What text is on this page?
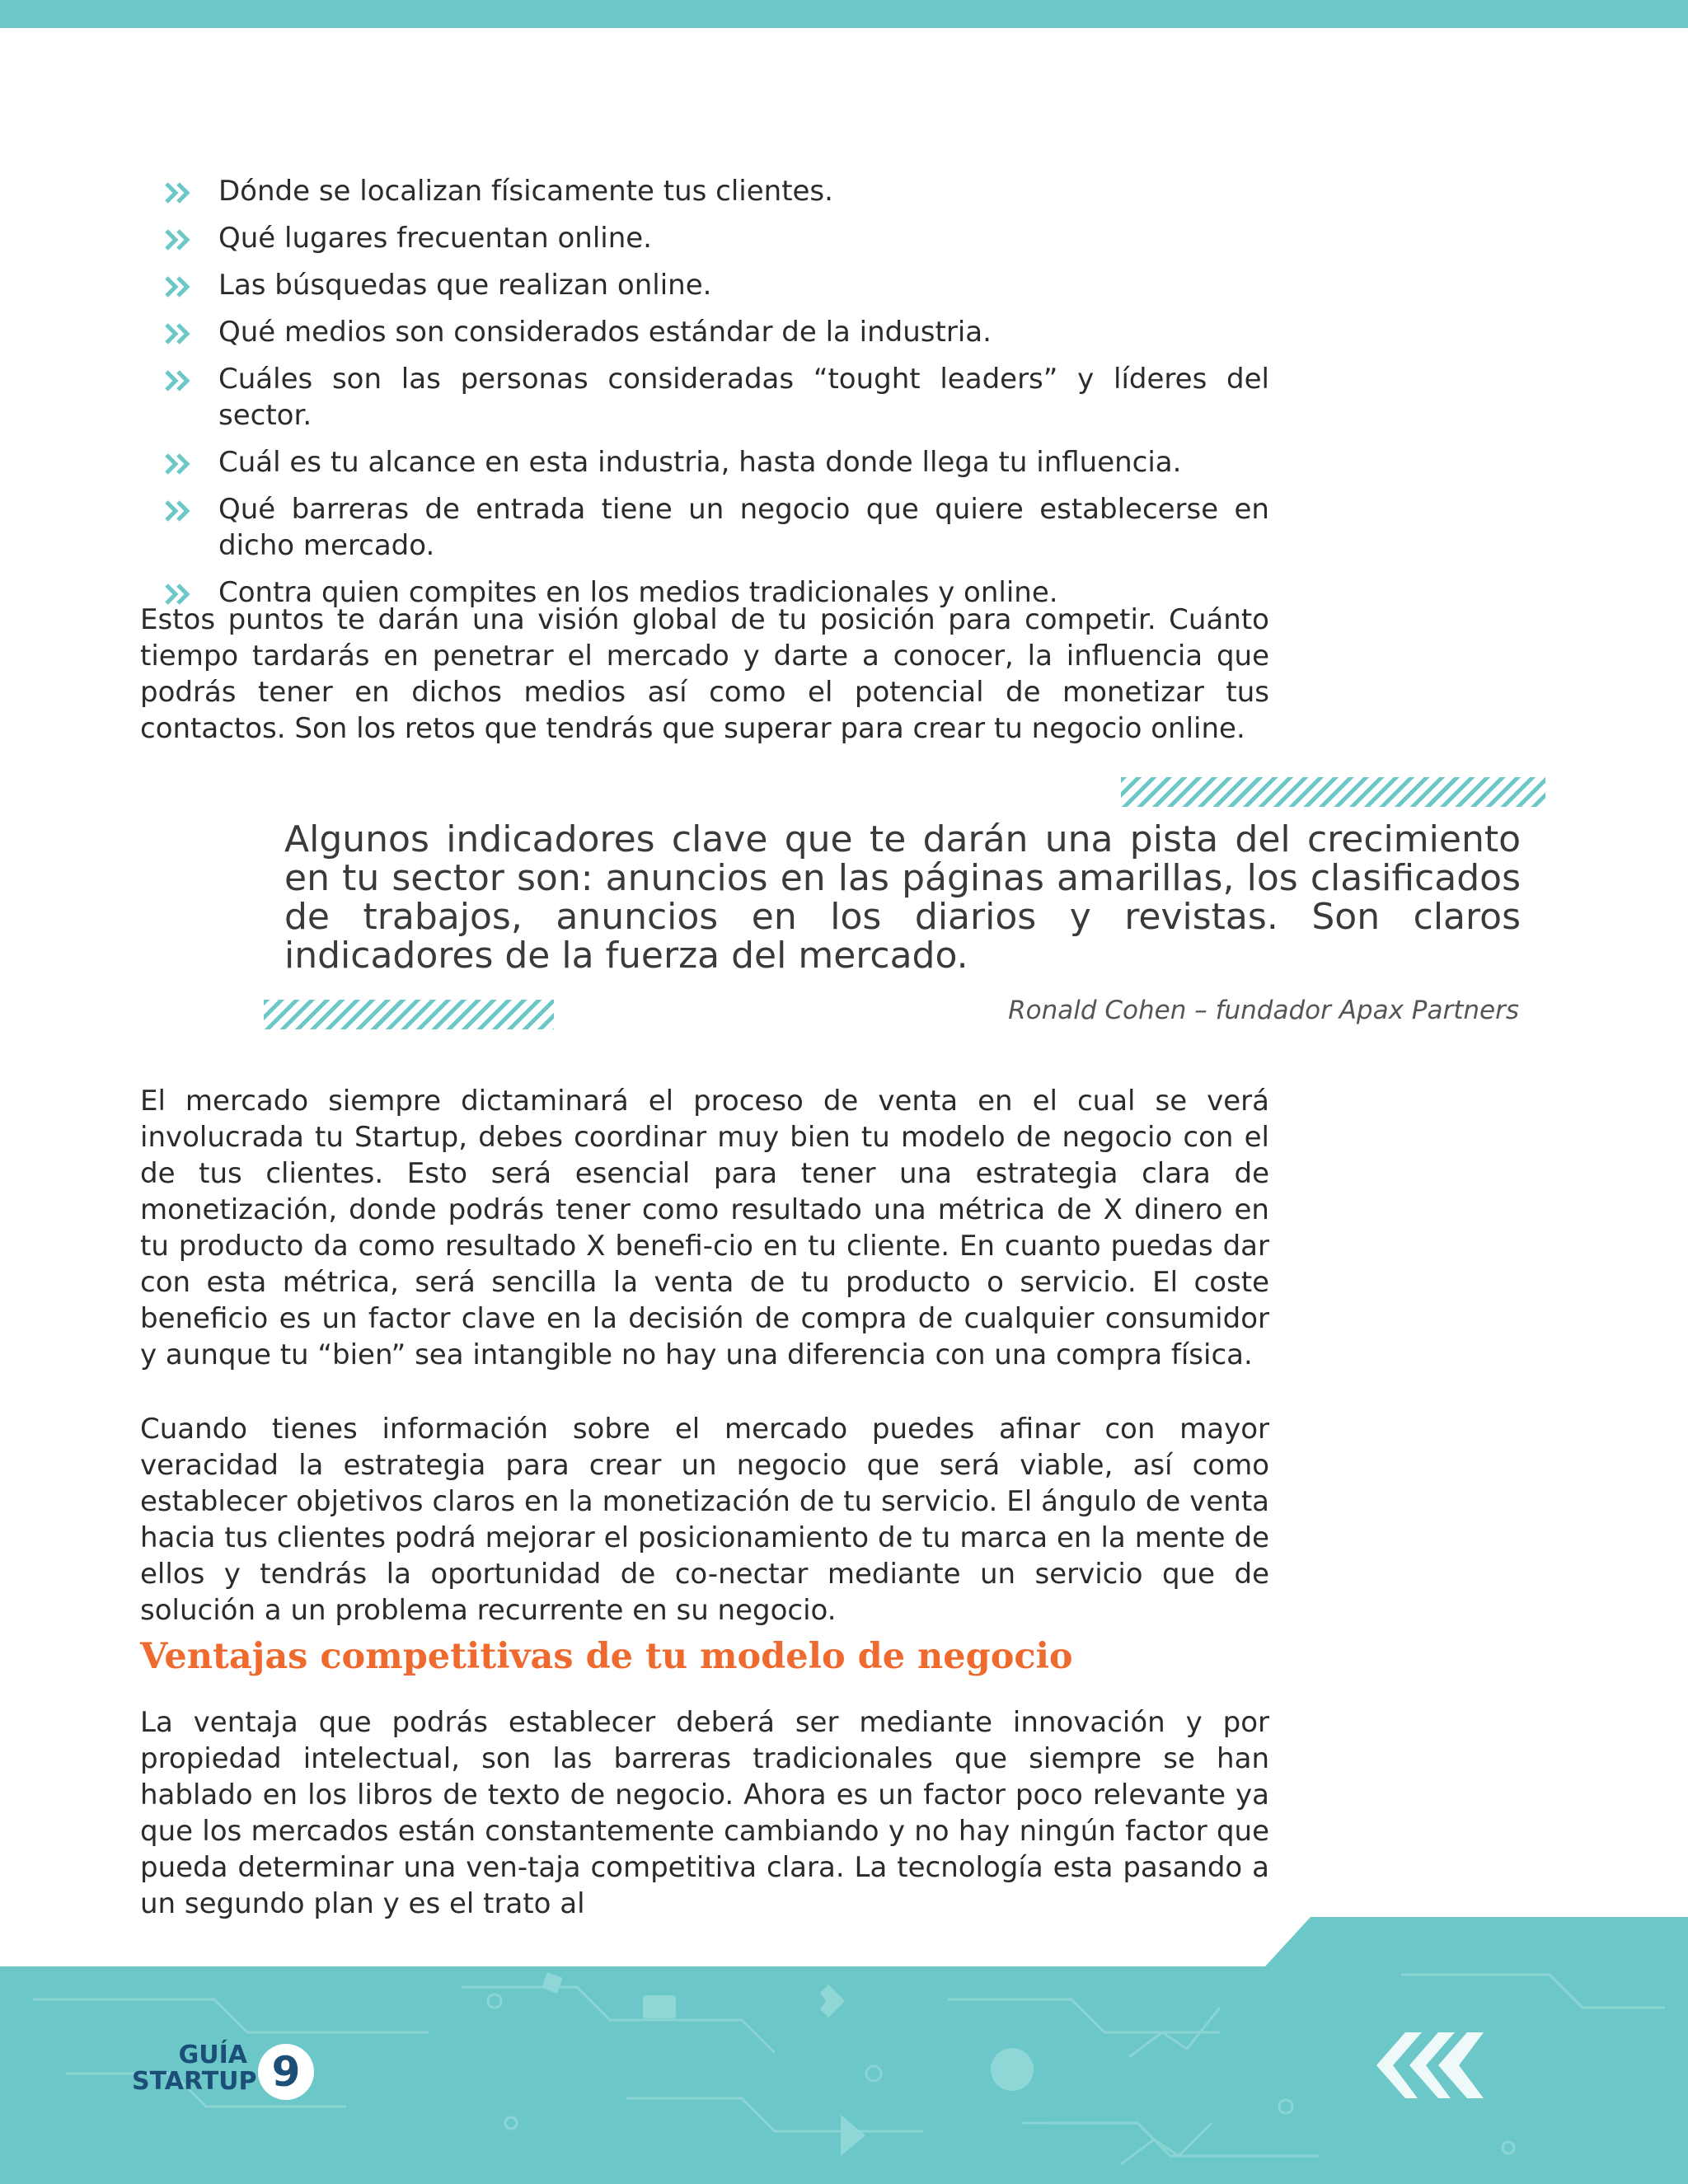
Dónde se localizan físicamente tus clientes.
Qué lugares frecuentan online.
Las búsquedas que realizan online.
Qué medios son considerados estándar de la industria.
Cuáles son las personas consideradas “tought leaders” y líderes del sector.
Cuál es tu alcance en esta industria, hasta donde llega tu influencia.
Qué barreras de entrada tiene un negocio que quiere establecerse en dicho mercado.
Contra quien compites en los medios tradicionales y online.

Estos puntos te darán una visión global de tu posición para competir. Cuánto tiempo tardarás en penetrar el mercado y darte a conocer, la influencia que podrás tener en dichos medios así como el potencial de monetizar tus contactos. Son los retos que tendrás que superar para crear tu negocio online.

Algunos indicadores clave que te darán una pista del crecimiento en tu sector son: anuncios en las páginas amarillas, los clasificados de trabajos, anuncios en los diarios y revistas. Son claros indicadores de la fuerza del mercado.

Ronald Cohen – fundador Apax Partners

El mercado siempre dictaminará el proceso de venta en el cual se verá involucrada tu Startup, debes coordinar muy bien tu modelo de negocio con el de tus clientes. Esto será esencial para tener una estrategia clara de monetización, donde podrás tener como resultado una métrica de X dinero en tu producto da como resultado X benefi-cio en tu cliente. En cuanto puedas dar con esta métrica, será sencilla la venta de tu producto o servicio. El coste beneficio es un factor clave en la decisión de compra de cualquier consumidor y aunque tu “bien” sea intangible no hay una diferencia con una compra física.

Cuando tienes información sobre el mercado puedes afinar con mayor veracidad la estrategia para crear un negocio que será viable, así como establecer objetivos claros en la monetización de tu servicio. El ángulo de venta hacia tus clientes podrá mejorar el posicionamiento de tu marca en la mente de ellos y tendrás la oportunidad de co-nectar mediante un servicio que de solución a un problema recurrente en su negocio.

Ventajas competitivas de tu modelo de negocio

La ventaja que podrás establecer deberá ser mediante innovación y por propiedad intelectual, son las barreras tradicionales que siempre se han hablado en los libros de texto de negocio. Ahora es un factor poco relevante ya que los mercados están constantemente cambiando y no hay ningún factor que pueda determinar una ven-taja competitiva clara. La tecnología esta pasando a un segundo plan y es el trato al

GUÍA
STARTUP 9
